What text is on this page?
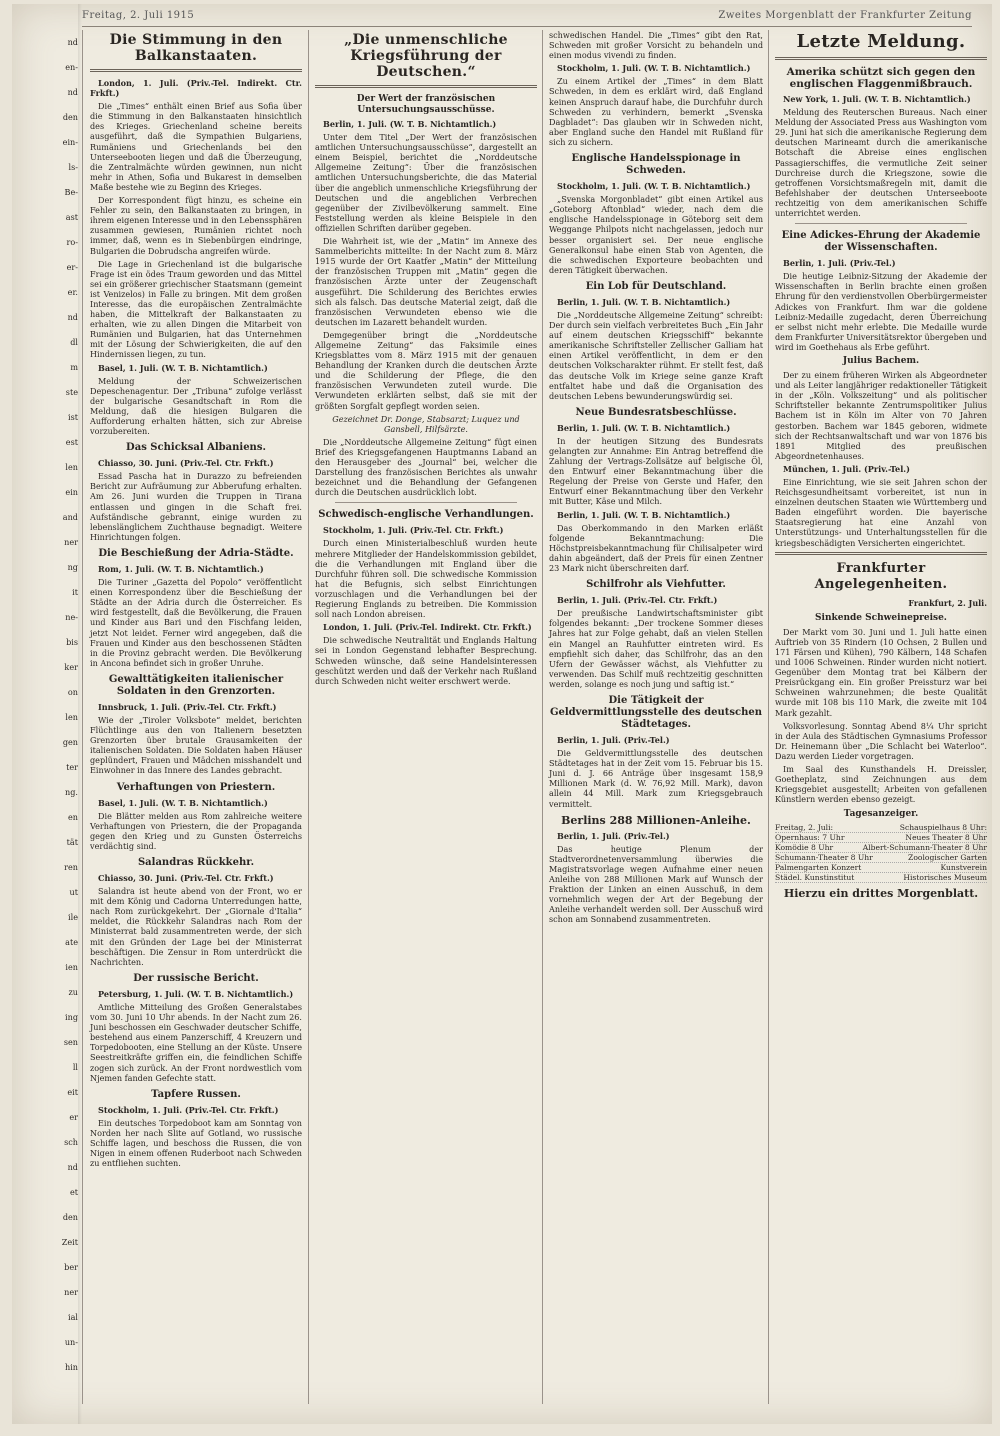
Freitag, 2. Juli 1915	Zweites Morgenblatt der Frankfurter Zeitung
nd
en-
nd
den
ein-
ls-
Be-
ast
ro-
er-
er.
nd
dl
m
ste
ist
est
len
ein
and
ner
ng
it
ne-
bis
ker
on
len
gen
ter
ng.
en
tät
ren
ut
ile
ate
ien
zu
ing
sen
ll
eit
er
sch
nd
et
den
Zeit
ber
ner
ial
un-
hin
Die Stimmung in den Balkanstaaten.

London, 1. Juli. (Priv.-Tel. Indirekt. Ctr. Frkft.)

Die „Times“ enthält einen Brief aus Sofia über die Stimmung in den Balkanstaaten hinsichtlich des Krieges. Griechenland scheine bereits ausgeführt, daß die Sympathien Bulgariens, Rumäniens und Griechenlands bei den Unterseebooten liegen und daß die Überzeugung, die Zentralmächte würden gewinnen, nun nicht mehr in Athen, Sofia und Bukarest in demselben Maße bestehe wie zu Beginn des Krieges.

Der Korrespondent fügt hinzu, es scheine ein Fehler zu sein, den Balkanstaaten zu bringen, in ihrem eigenen Interesse und in den Lebenssphären zusammen gewiesen, Rumänien richtet noch immer, daß, wenn es in Siebenbürgen eindringe, Bulgarien die Dobrudscha angreifen würde.

Die Lage in Griechenland ist die bulgarische Frage ist ein ödes Traum geworden und das Mittel sei ein größerer griechischer Staatsmann (gemeint ist Venizelos) in Falle zu bringen. Mit dem großen Interesse, das die europäischen Zentralmächte haben, die Mittelkraft der Balkanstaaten zu erhalten, wie zu allen Dingen die Mitarbeit von Rumänien und Bulgarien, hat das Unternehmen mit der Lösung der Schwierigkeiten, die auf den Hindernissen liegen, zu tun.

Basel, 1. Juli. (W. T. B. Nichtamtlich.)

Meldung der Schweizerischen Depeschenagentur. Der „Tribuna“ zufolge verlässt der bulgarische Gesandtschaft in Rom die Meldung, daß die hiesigen Bulgaren die Aufforderung erhalten hätten, sich zur Abreise vorzubereiten.

Das Schicksal Albaniens.

Chiasso, 30. Juni. (Priv.-Tel. Ctr. Frkft.)

Essad Pascha hat in Durazzo zu befreienden Bericht zur Aufräumung zur Abberufung erhalten. Am 26. Juni wurden die Truppen in Tirana entlassen und gingen in die Schaft frei. Aufständische gebrannt, einige wurden zu lebenslänglichem Zuchthause begnadigt. Weitere Hinrichtungen folgen.

Die Beschießung der Adria-Städte.

Rom, 1. Juli. (W. T. B. Nichtamtlich.)

Die Turiner „Gazetta del Popolo“ veröffentlicht einen Korrespondenz über die Beschießung der Städte an der Adria durch die Österreicher. Es wird festgestellt, daß die Bevölkerung, die Frauen und Kinder aus Bari und den Fischfang leiden, jetzt Not leidet. Ferner wird angegeben, daß die Frauen und Kinder aus den beschossenen Städten in die Provinz gebracht werden. Die Bevölkerung in Ancona befindet sich in großer Unruhe.

Gewalttätigkeiten italienischer Soldaten in den Grenzorten.

Innsbruck, 1. Juli. (Priv.-Tel. Ctr. Frkft.)

Wie der „Tiroler Volksbote“ meldet, berichten Flüchtlinge aus den von Italienern besetzten Grenzorten über brutale Grausamkeiten der italienischen Soldaten. Die Soldaten haben Häuser geplündert, Frauen und Mädchen misshandelt und Einwohner in das Innere des Landes gebracht.

Verhaftungen von Priestern.

Basel, 1. Juli. (W. T. B. Nichtamtlich.)

Die Blätter melden aus Rom zahlreiche weitere Verhaftungen von Priestern, die der Propaganda gegen den Krieg und zu Gunsten Österreichs verdächtig sind.

Salandras Rückkehr.

Chiasso, 30. Juni. (Priv.-Tel. Ctr. Frkft.)

Salandra ist heute abend von der Front, wo er mit dem König und Cadorna Unterredungen hatte, nach Rom zurückgekehrt. Der „Giornale d'Italia“ meldet, die Rückkehr Salandras nach Rom der Ministerrat bald zusammentreten werde, der sich mit den Gründen der Lage bei der Ministerrat beschäftigen. Die Zensur in Rom unterdrückt die Nachrichten.

Der russische Bericht.

Petersburg, 1. Juli. (W. T. B. Nichtamtlich.)

Amtliche Mitteilung des Großen Generalstabes vom 30. Juni 10 Uhr abends. In der Nacht zum 26. Juni beschossen ein Geschwader deutscher Schiffe, bestehend aus einem Panzerschiff, 4 Kreuzern und Torpedobooten, eine Stellung an der Küste. Unsere Seestreitkräfte griffen ein, die feindlichen Schiffe zogen sich zurück. An der Front nordwestlich vom Njemen fanden Gefechte statt.

Tapfere Russen.

Stockholm, 1. Juli. (Priv.-Tel. Ctr. Frkft.)

Ein deutsches Torpedoboot kam am Sonntag von Norden her nach Slite auf Gotland, wo russische Schiffe lagen, und beschoss die Russen, die von Nigen in einem offenen Ruderboot nach Schweden zu entfliehen suchten.

„Die unmenschliche Kriegsführung der Deutschen.“
Der Wert der französischen Untersuchungsausschüsse.

Berlin, 1. Juli. (W. T. B. Nichtamtlich.)

Unter dem Titel „Der Wert der französischen amtlichen Untersuchungsausschüsse“, dargestellt an einem Beispiel, berichtet die „Norddeutsche Allgemeine Zeitung“: Über die französischen amtlichen Untersuchungsberichte, die das Material über die angeblich unmenschliche Kriegsführung der Deutschen und die angeblichen Verbrechen gegenüber der Zivilbevölkerung sammelt. Eine Feststellung werden als kleine Beispiele in den offiziellen Schriften darüber gegeben.

Die Wahrheit ist, wie der „Matin“ im Annexe des Sammelberichts mitteilte: In der Nacht zum 8. März 1915 wurde der Ort Kaatfer „Matin“ der Mitteilung der französischen Truppen mit „Matin“ gegen die französischen Ärzte unter der Zeugenschaft ausgeführt. Die Schilderung des Berichtes erwies sich als falsch. Das deutsche Material zeigt, daß die französischen Verwundeten ebenso wie die deutschen im Lazarett behandelt wurden.

Demgegenüber bringt die „Norddeutsche Allgemeine Zeitung“ das Faksimile eines Kriegsblattes vom 8. März 1915 mit der genauen Behandlung der Kranken durch die deutschen Ärzte und die Schilderung der Pflege, die den französischen Verwundeten zuteil wurde. Die Verwundeten erklärten selbst, daß sie mit der größten Sorgfalt gepflegt worden seien.

Gezeichnet Dr. Donge, Stabsarzt; Luquez und Gansbell, Hilfsärzte.

Die „Norddeutsche Allgemeine Zeitung“ fügt einen Brief des Kriegsgefangenen Hauptmanns Laband an den Herausgeber des „Journal“ bei, welcher die Darstellung des französischen Berichtes als unwahr bezeichnet und die Behandlung der Gefangenen durch die Deutschen ausdrücklich lobt.

Schwedisch-englische Verhandlungen.

Stockholm, 1. Juli. (Priv.-Tel. Ctr. Frkft.)

Durch einen Ministerialbeschluß wurden heute mehrere Mitglieder der Handelskommission gebildet, die die Verhandlungen mit England über die Durchfuhr führen soll. Die schwedische Kommission hat die Befugnis, sich selbst Einrichtungen vorzuschlagen und die Verhandlungen bei der Regierung Englands zu betreiben. Die Kommission soll nach London abreisen.

London, 1. Juli. (Priv.-Tel. Indirekt. Ctr. Frkft.)

Die schwedische Neutralität und Englands Haltung sei in London Gegenstand lebhafter Besprechung. Schweden wünsche, daß seine Handelsinteressen geschützt werden und daß der Verkehr nach Rußland durch Schweden nicht weiter erschwert werde.

schwedischen Handel. Die „Times“ gibt den Rat, Schweden mit großer Vorsicht zu behandeln und einen modus vivendi zu finden.

Stockholm, 1. Juli. (W. T. B. Nichtamtlich.)

Zu einem Artikel der „Times“ in dem Blatt Schweden, in dem es erklärt wird, daß England keinen Anspruch darauf habe, die Durchfuhr durch Schweden zu verhindern, bemerkt „Svenska Dagbladet“: Das glauben wir in Schweden nicht, aber England suche den Handel mit Rußland für sich zu sichern.

Englische Handelsspionage in Schweden.

Stockholm, 1. Juli. (W. T. B. Nichtamtlich.)

„Svenska Morgonbladet“ gibt einen Artikel aus „Goteborg Aftonblad“ wieder, nach dem die englische Handelsspionage in Göteborg seit dem Weggange Philpots nicht nachgelassen, jedoch nur besser organisiert sei. Der neue englische Generalkonsul habe einen Stab von Agenten, die die schwedischen Exporteure beobachten und deren Tätigkeit überwachen.

Ein Lob für Deutschland.

Berlin, 1. Juli. (W. T. B. Nichtamtlich.)

Die „Norddeutsche Allgemeine Zeitung“ schreibt: Der durch sein vielfach verbreitetes Buch „Ein Jahr auf einem deutschen Kriegsschiff“ bekannte amerikanische Schriftsteller Zellischer Galliam hat einen Artikel veröffentlicht, in dem er den deutschen Volkscharakter rühmt. Er stellt fest, daß das deutsche Volk im Kriege seine ganze Kraft entfaltet habe und daß die Organisation des deutschen Lebens bewunderungswürdig sei.

Neue Bundesratsbeschlüsse.

Berlin, 1. Juli. (W. T. B. Nichtamtlich.)

In der heutigen Sitzung des Bundesrats gelangten zur Annahme: Ein Antrag betreffend die Zahlung der Vertrags-Zollsätze auf belgische Öl, den Entwurf einer Bekanntmachung über die Regelung der Preise von Gerste und Hafer, den Entwurf einer Bekanntmachung über den Verkehr mit Butter, Käse und Milch.

Berlin, 1. Juli. (W. T. B. Nichtamtlich.)

Das Oberkommando in den Marken erläßt folgende Bekanntmachung: Die Höchstpreisbekanntmachung für Chilisalpeter wird dahin abgeändert, daß der Preis für einen Zentner 23 Mark nicht überschreiten darf.

Schilfrohr als Viehfutter.

Berlin, 1. Juli. (Priv.-Tel. Ctr. Frkft.)

Der preußische Landwirtschaftsminister gibt folgendes bekannt: „Der trockene Sommer dieses Jahres hat zur Folge gehabt, daß an vielen Stellen ein Mangel an Rauhfutter eintreten wird. Es empfiehlt sich daher, das Schilfrohr, das an den Ufern der Gewässer wächst, als Viehfutter zu verwenden. Das Schilf muß rechtzeitig geschnitten werden, solange es noch jung und saftig ist.“

Die Tätigkeit der Geldvermittlungsstelle des deutschen Städtetages.

Berlin, 1. Juli. (Priv.-Tel.)

Die Geldvermittlungsstelle des deutschen Städtetages hat in der Zeit vom 15. Februar bis 15. Juni d. J. 66 Anträge über insgesamt 158,9 Millionen Mark (d. W. 76,92 Mill. Mark), davon allein 44 Mill. Mark zum Kriegsgebrauch vermittelt.

Berlins 288 Millionen-Anleihe.

Berlin, 1. Juli. (Priv.-Tel.)

Das heutige Plenum der Stadtverordnetenversammlung überwies die Magistratsvorlage wegen Aufnahme einer neuen Anleihe von 288 Millionen Mark auf Wunsch der Fraktion der Linken an einen Ausschuß, in dem vornehmlich wegen der Art der Begebung der Anleihe verhandelt werden soll. Der Ausschuß wird schon am Sonnabend zusammentreten.

Letzte Meldung.
Amerika schützt sich gegen den englischen Flaggenmißbrauch.

New York, 1. Juli. (W. T. B. Nichtamtlich.)

Meldung des Reuterschen Bureaus. Nach einer Meldung der Associated Press aus Washington vom 29. Juni hat sich die amerikanische Regierung dem deutschen Marineamt durch die amerikanische Botschaft die Abreise eines englischen Passagierschiffes, die vermutliche Zeit seiner Durchreise durch die Kriegszone, sowie die getroffenen Vorsichtsmaßregeln mit, damit die Befehlshaber der deutschen Unterseeboote rechtzeitig von dem amerikanischen Schiffe unterrichtet werden.

Eine Adickes-Ehrung der Akademie der Wissenschaften.

Berlin, 1. Juli. (Priv.-Tel.)

Die heutige Leibniz-Sitzung der Akademie der Wissenschaften in Berlin brachte einen großen Ehrung für den verdienstvollen Oberbürgermeister Adickes von Frankfurt. Ihm war die goldene Leibniz-Medaille zugedacht, deren Überreichung er selbst nicht mehr erlebte. Die Medaille wurde dem Frankfurter Universitätsrektor übergeben und wird im Goethehaus als Erbe geführt.

Julius Bachem.

Der zu einem früheren Wirken als Abgeordneter und als Leiter langjähriger redaktioneller Tätigkeit in der „Köln. Volkszeitung“ und als politischer Schriftsteller bekannte Zentrumspolitiker Julius Bachem ist in Köln im Alter von 70 Jahren gestorben. Bachem war 1845 geboren, widmete sich der Rechtsanwaltschaft und war von 1876 bis 1891 Mitglied des preußischen Abgeordnetenhauses.

München, 1. Juli. (Priv.-Tel.)

Eine Einrichtung, wie sie seit Jahren schon der Reichsgesundheitsamt vorbereitet, ist nun in einzelnen deutschen Staaten wie Württemberg und Baden eingeführt worden. Die bayerische Staatsregierung hat eine Anzahl von Unterstützungs- und Unterhaltungsstellen für die kriegsbeschädigten Versicherten eingerichtet.

Frankfurter Angelegenheiten.
Frankfurt, 2. Juli.
Sinkende Schweinepreise.

Der Markt vom 30. Juni und 1. Juli hatte einen Auftrieb von 35 Rindern (10 Ochsen, 2 Bullen und 171 Färsen und Kühen), 790 Kälbern, 148 Schafen und 1006 Schweinen. Rinder wurden nicht notiert. Gegenüber dem Montag trat bei Kälbern der Preisrückgang ein. Ein großer Preissturz war bei Schweinen wahrzunehmen; die beste Qualität wurde mit 108 bis 110 Mark, die zweite mit 104 Mark gezahlt.

Volksvorlesung. Sonntag Abend 8¼ Uhr spricht in der Aula des Städtischen Gymnasiums Professor Dr. Heinemann über „Die Schlacht bei Waterloo“. Dazu werden Lieder vorgetragen.

Im Saal des Kunsthandels H. Dreissler, Goetheplatz, sind Zeichnungen aus dem Kriegsgebiet ausgestellt; Arbeiten von gefallenen Künstlern werden ebenso gezeigt.

Tagesanzeiger.
Freitag, 2. Juli:	Schauspielhaus 8 Uhr:
Opernhaus: 7 Uhr	Neues Theater 8 Uhr
Komödie 8 Uhr	Albert-Schumann-Theater 8 Uhr
Schumann-Theater 8 Uhr	Zoologischer Garten
Palmengarten Konzert	Kunstverein
Städel. Kunstinstitut	Historisches Museum
Hierzu ein drittes Morgenblatt.
